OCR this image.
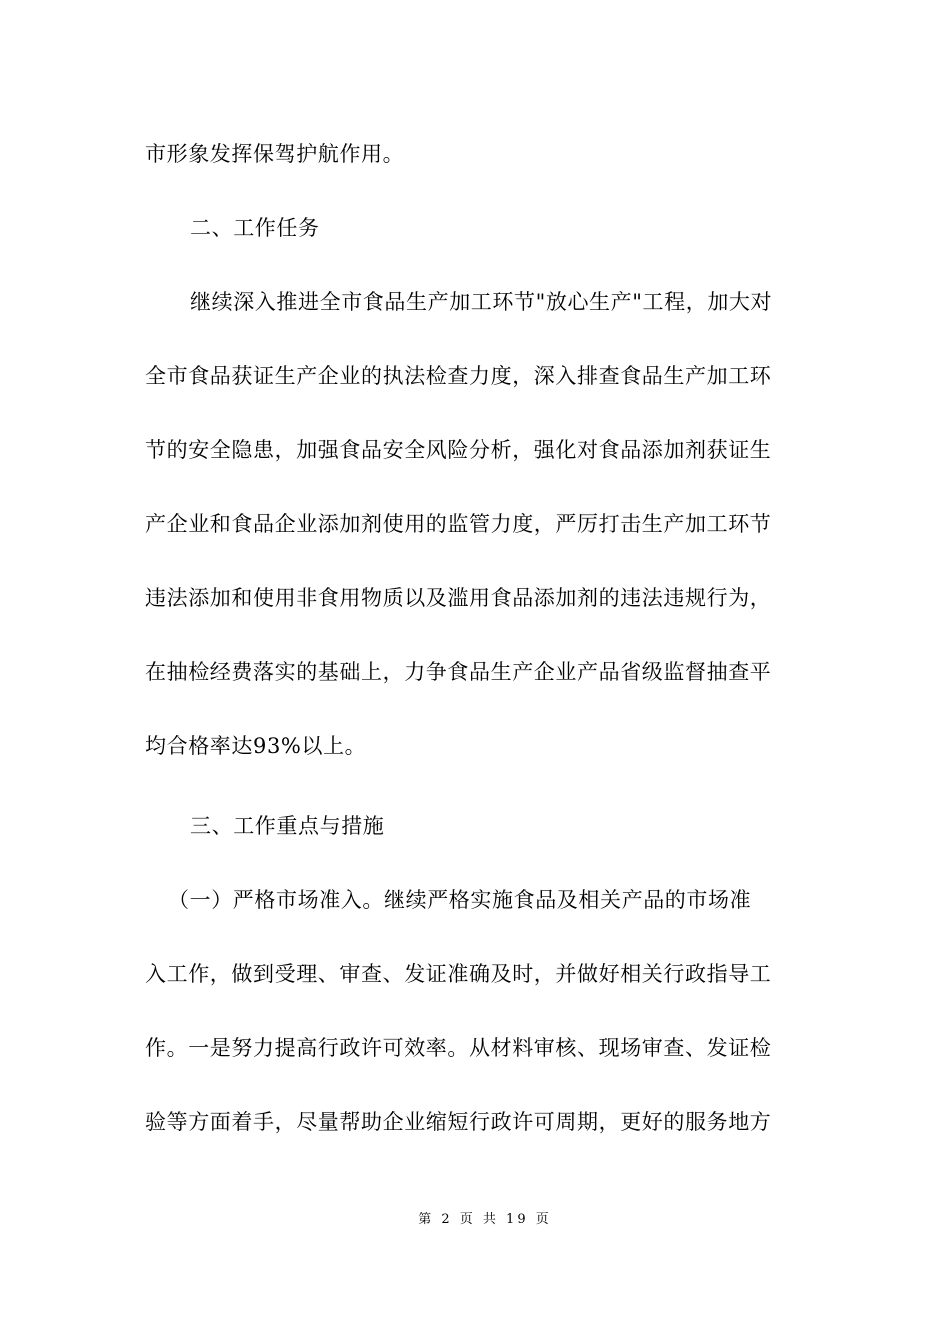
市形象发挥保驾护航作用。
二、工作任务
继续深入推进全市食品生产加工环节"放心生产"工程，加大对
全市食品获证生产企业的执法检查力度，深入排查食品生产加工环
节的安全隐患，加强食品安全风险分析，强化对食品添加剂获证生
产企业和食品企业添加剂使用的监管力度，严厉打击生产加工环节
违法添加和使用非食用物质以及滥用食品添加剂的违法违规行为，
在抽检经费落实的基础上，力争食品生产企业产品省级监督抽查平
均合格率达93%以上。
三、工作重点与措施
（一）严格市场准入。继续严格实施食品及相关产品的市场准
入工作，做到受理、审查、发证准确及时，并做好相关行政指导工
作。一是努力提高行政许可效率。从材料审核、现场审查、发证检
验等方面着手，尽量帮助企业缩短行政许可周期，更好的服务地方
第 2 页 共 19 页
